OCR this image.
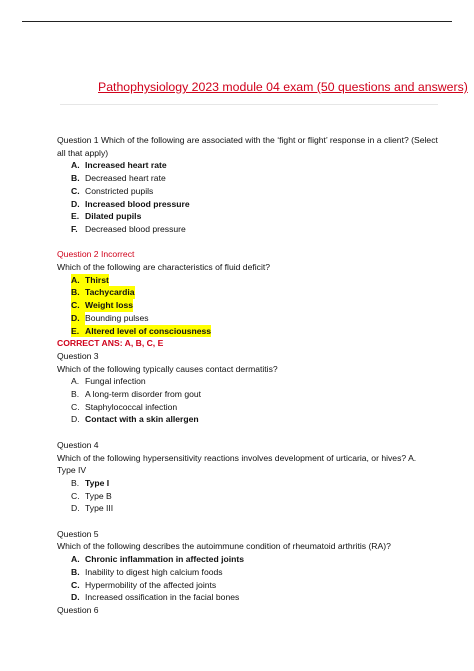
Pathophysiology 2023 module 04 exam (50 questions and answers)

Question 1 Which of the following are associated with the ‘fight or flight’ response in a client? (Select all that apply)

A. Increased heart rate
B. Decreased heart rate
C. Constricted pupils
D. Increased blood pressure
E. Dilated pupils
F. Decreased blood pressure

Question 2 Incorrect

Which of the following are characteristics of fluid deficit?

A. Thirst
B. Tachycardia
C. Weight loss
D. Bounding pulses
E. Altered level of consciousness

CORRECT ANS: A, B, C, E

Question 3

Which of the following typically causes contact dermatitis?

A. Fungal infection
B. A long-term disorder from gout
C. Staphylococcal infection
D. Contact with a skin allergen

Question 4

Which of the following hypersensitivity reactions involves development of urticaria, or hives? A. Type IV

B. Type I
C. Type B
D. Type III

Question 5

Which of the following describes the autoimmune condition of rheumatoid arthritis (RA)?

A. Chronic inflammation in affected joints
B. Inability to digest high calcium foods
C. Hypermobility of the affected joints
D. Increased ossification in the facial bones

Question 6
